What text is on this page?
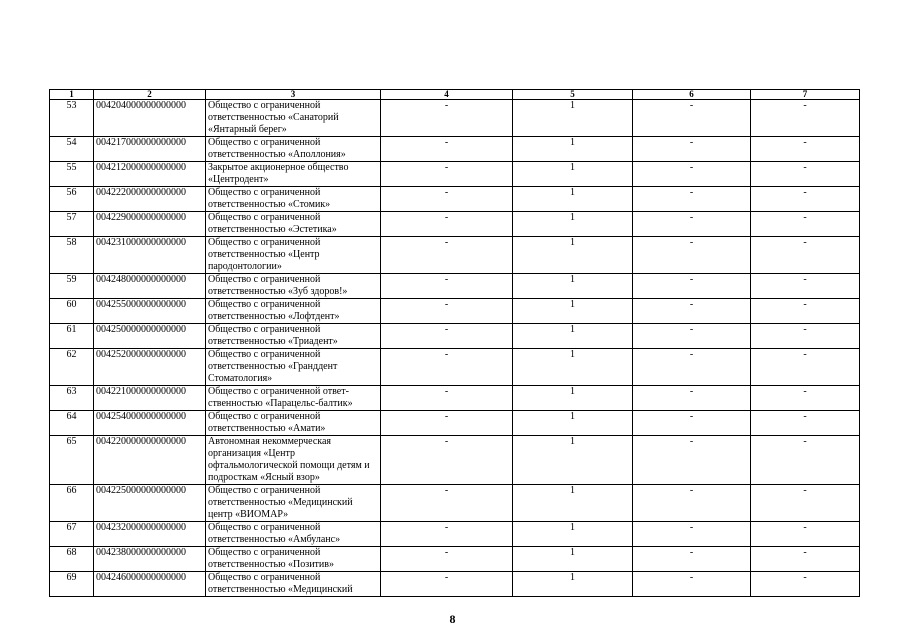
1	2	3	4	5	6	7
53	004204000000000000	Общество с ограниченной ответственностью «Санаторий «Янтарный берег»	-	1	-	-
54	004217000000000000	Общество с ограниченной ответственностью «Аполлония»	-	1	-	-
55	004212000000000000	Закрытое акционерное общество «Центродент»	-	1	-	-
56	004222000000000000	Общество с ограниченной ответственностью «Стомик»	-	1	-	-
57	004229000000000000	Общество с ограниченной ответственностью «Эстетика»	-	1	-	-
58	004231000000000000	Общество с ограниченной ответственностью «Центр пародонтологии»	-	1	-	-
59	004248000000000000	Общество с ограниченной ответственностью «Зуб здоров!»	-	1	-	-
60	004255000000000000	Общество с ограниченной ответственностью «Лофтдент»	-	1	-	-
61	004250000000000000	Общество с ограниченной ответственностью «Триадент»	-	1	-	-
62	004252000000000000	Общество с ограниченной ответственностью «Гранддент Стоматология»	-	1	-	-
63	004221000000000000	Общество с ограниченной ответ-ственностью «Парацельс-балтик»	-	1	-	-
64	004254000000000000	Общество с ограниченной ответственностью «Амати»	-	1	-	-
65	004220000000000000	Автономная некоммерческая организация «Центр офтальмологической помощи детям и подросткам «Ясный взор»	-	1	-	-
66	004225000000000000	Общество с ограниченной ответственностью «Медицинский центр «ВИОМАР»	-	1	-	-
67	004232000000000000	Общество с ограниченной ответственностью «Амбуланс»	-	1	-	-
68	004238000000000000	Общество с ограниченной ответственностью «Позитив»	-	1	-	-
69	004246000000000000	Общество с ограниченной ответственностью «Медицинский	-	1	-	-
8
